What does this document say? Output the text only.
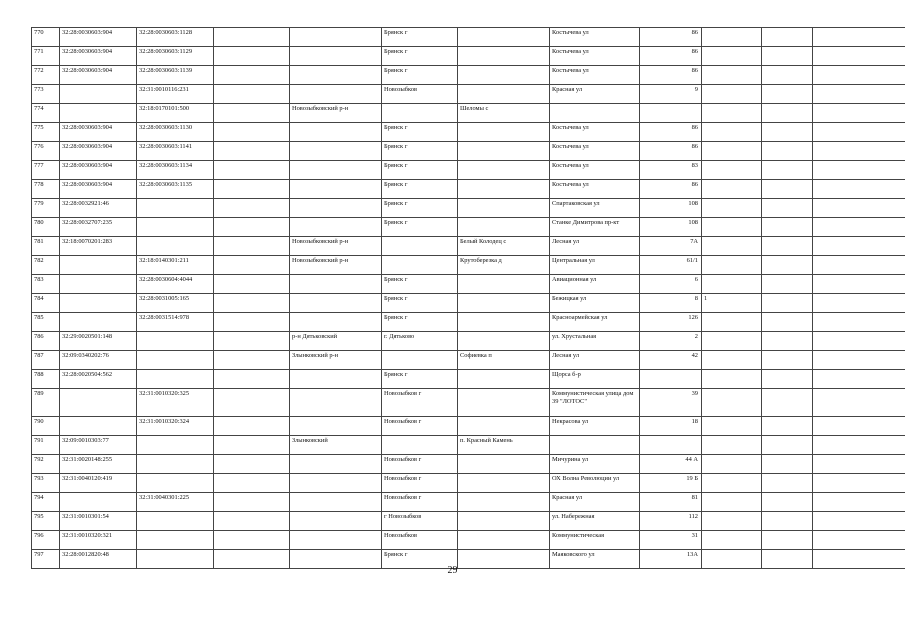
770	32:28:0030603:904	32:28:0030603:1128			Брянск г		Костычева ул	86			
771	32:28:0030603:904	32:28:0030603:1129			Брянск г		Костычева ул	86			
772	32:28:0030603:904	32:28:0030603:1139			Брянск г		Костычева ул	86			
773		32:31:0010116:231			Новозыбков		Красная ул	9			
774		32:18:0170101:500		Новозыбковский р-н		Шеломы с					
775	32:28:0030603:904	32:28:0030603:1130			Брянск г		Костычева ул	86			
776	32:28:0030603:904	32:28:0030603:1141			Брянск г		Костычева ул	86			
777	32:28:0030603:904	32:28:0030603:1134			Брянск г		Костычева ул	83			
778	32:28:0030603:904	32:28:0030603:1135			Брянск г		Костычева ул	86			
779	32:28:0032921:46				Брянск г		Спартаковская ул	108			
780	32:28:0032707:235				Брянск г		Станке Димитрова пр-кт	108			
781	32:18:0070201:283			Новозыбковский р-н		Белый Колодец с	Лесная ул	7А			
782		32:18:0140301:211		Новозыбковский р-н		Крутоберезка д	Центральная ул	61/1			
783		32:28:0030604:4044			Брянск г		Авиационная ул	6			
784		32:28:0031005:165			Брянск г		Бежицкая ул	8	1		
785		32:28:0031514:978			Брянск г		Красноармейская ул	126			
786	32:29:0020501:148			р-н Дятьковский	г. Дятьково		ул. Хрустальная	2			
787	32:09:0340202:76			Злынковский р-н		Софиевка п	Лесная ул	42			
788	32:28:0020504:562				Брянск г		Щорса б-р				
789		32:31:0010320:325			Новозыбков г		Коммунистическая улица дом 39 "ЛОТОС"	39			
790		32:31:0010320:324			Новозыбков г		Некрасова ул	18			
791	32:09:0010303:77			Злынковский		п. Красный Камень					
792	32:31:0020148:255				Новозыбков г		Мичурина ул	44 А			
793	32:31:0040120:419				Новозыбков г		ОХ Волна Революции ул	19 Б			
794		32:31:0040301:225			Новозыбков г		Красная ул	81			
795	32:31:0010301:54				г Новозыбков		ул. Набережная	112			
796	32:31:0010320:321				Новозыбков		Коммунистическая	31			
797	32:28:0012820:48				Брянск г		Маяковского ул	13А			
29
